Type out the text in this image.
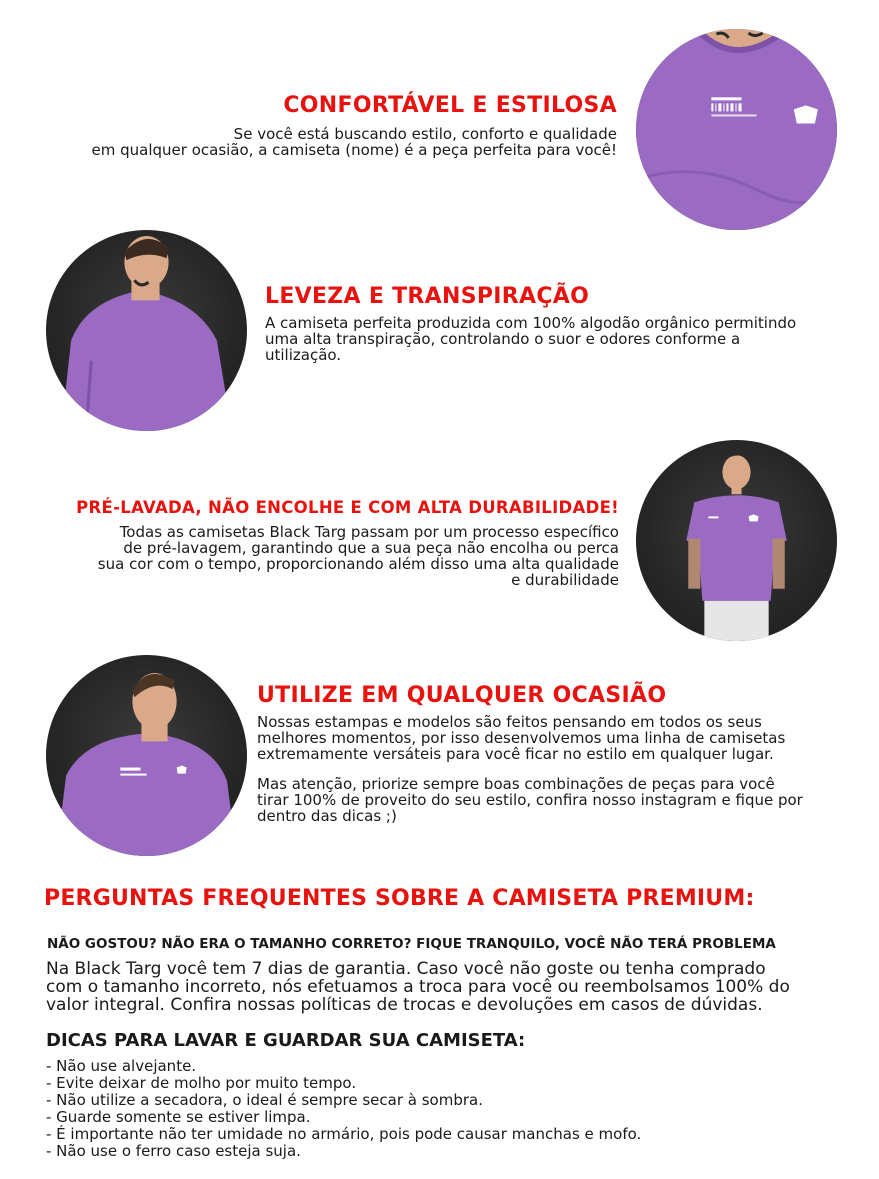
CONFORTÁVEL E ESTILOSA

Se você está buscando estilo, conforto e qualidade

em qualquer ocasião, a camiseta (nome) é a peça perfeita para você!

LEVEZA E TRANSPIRAÇÃO

A camiseta perfeita produzida com 100% algodão orgânico permitindo

uma alta transpiração, controlando o suor e odores conforme a

utilização.

PRÉ-LAVADA, NÃO ENCOLHE E COM ALTA DURABILIDADE!

Todas as camisetas Black Targ passam por um processo específico

de pré-lavagem, garantindo que a sua peça não encolha ou perca

sua cor com o tempo, proporcionando além disso uma alta qualidade

e durabilidade

UTILIZE EM QUALQUER OCASIÃO

Nossas estampas e modelos são feitos pensando em todos os seus

melhores momentos, por isso desenvolvemos uma linha de camisetas

extremamente versáteis para você ficar no estilo em qualquer lugar.

Mas atenção, priorize sempre boas combinações de peças para você

tirar 100% de proveito do seu estilo, confira nosso instagram e fique por

dentro das dicas ;)

PERGUNTAS FREQUENTES SOBRE A CAMISETA PREMIUM:
NÃO GOSTOU? NÃO ERA O TAMANHO CORRETO? FIQUE TRANQUILO, VOCÊ NÃO TERÁ PROBLEMA

Na Black Targ você tem 7 dias de garantia. Caso você não goste ou tenha comprado

com o tamanho incorreto, nós efetuamos a troca para você ou reembolsamos 100% do

valor integral. Confira nossas políticas de trocas e devoluções em casos de dúvidas.

DICAS PARA LAVAR E GUARDAR SUA CAMISETA:
- Não use alvejante.
- Evite deixar de molho por muito tempo.
- Não utilize a secadora, o ideal é sempre secar à sombra.
- Guarde somente se estiver limpa.
- É importante não ter umidade no armário, pois pode causar manchas e mofo.
- Não use o ferro caso esteja suja.
